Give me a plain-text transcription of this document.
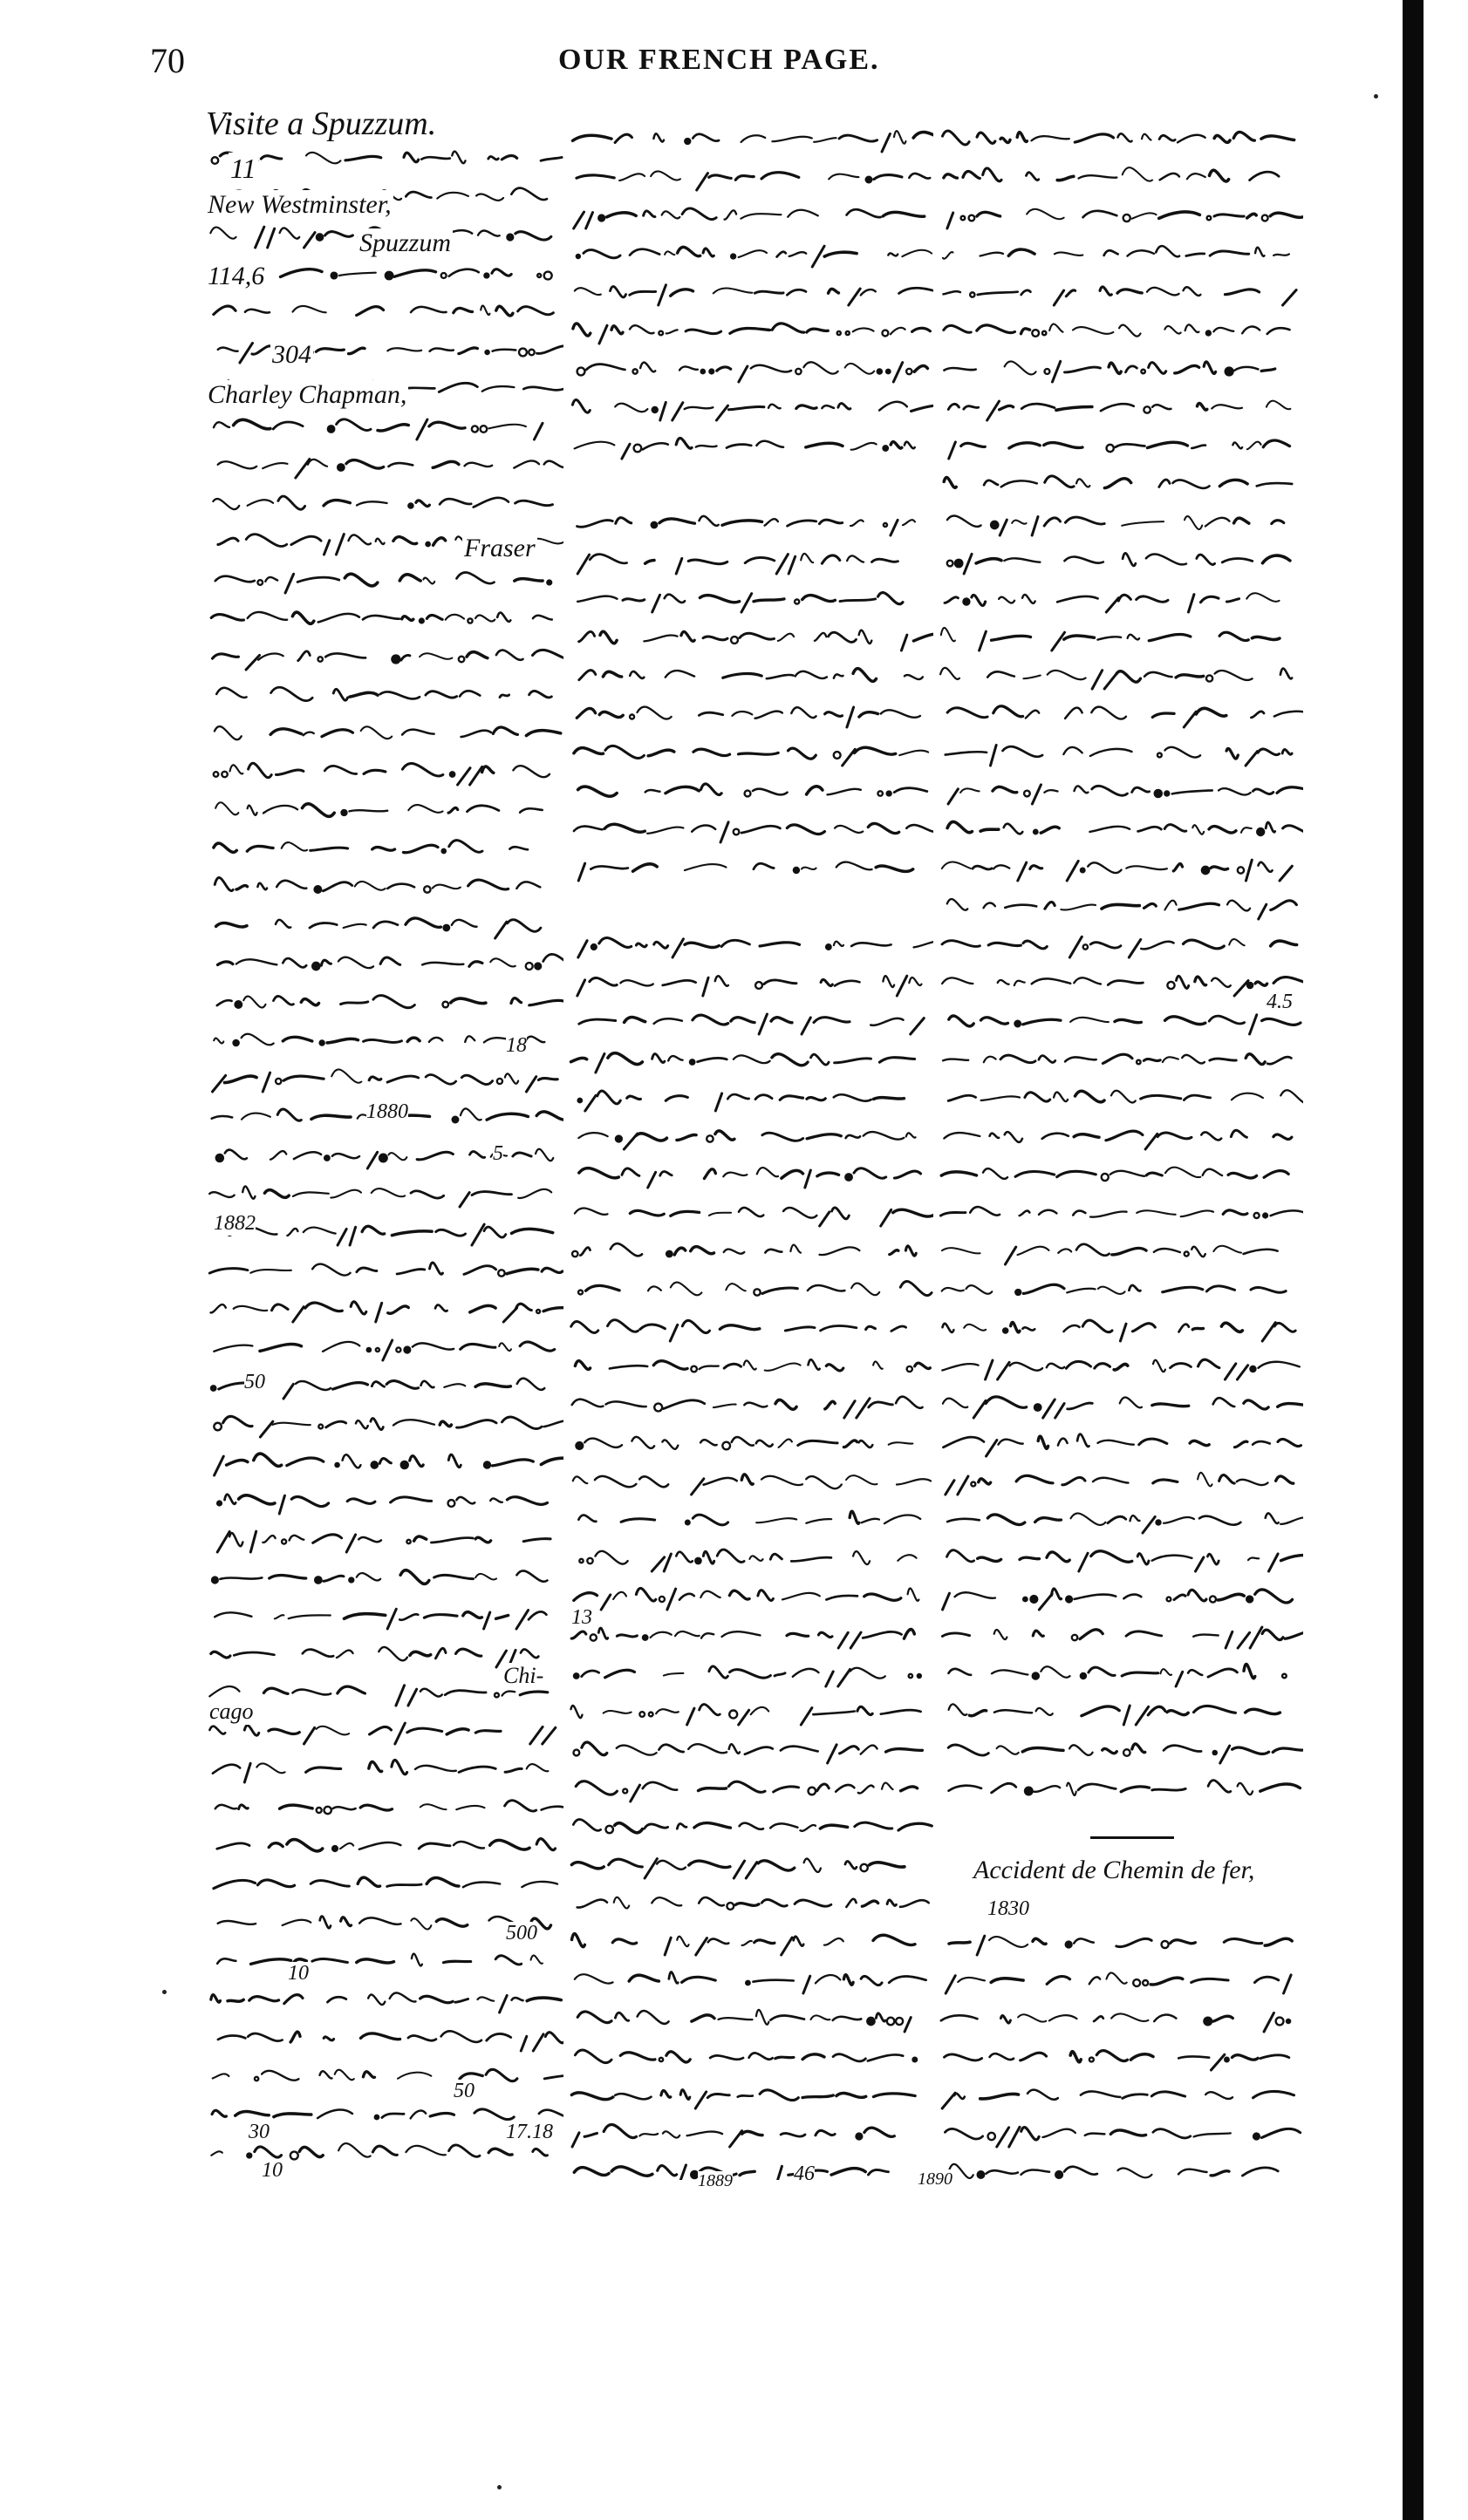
70	OUR FRENCH PAGE.
Visite a Spuzzum.
11
New Westminster,
Spuzzum
114,6
304
Charley Chapman,
Fraser
18
1880
5
1882
50
Chi-
cago
500
10
50
30	17.18
10
13
1889	46	1890
4.5
Accident de Chemin de fer,
1830
